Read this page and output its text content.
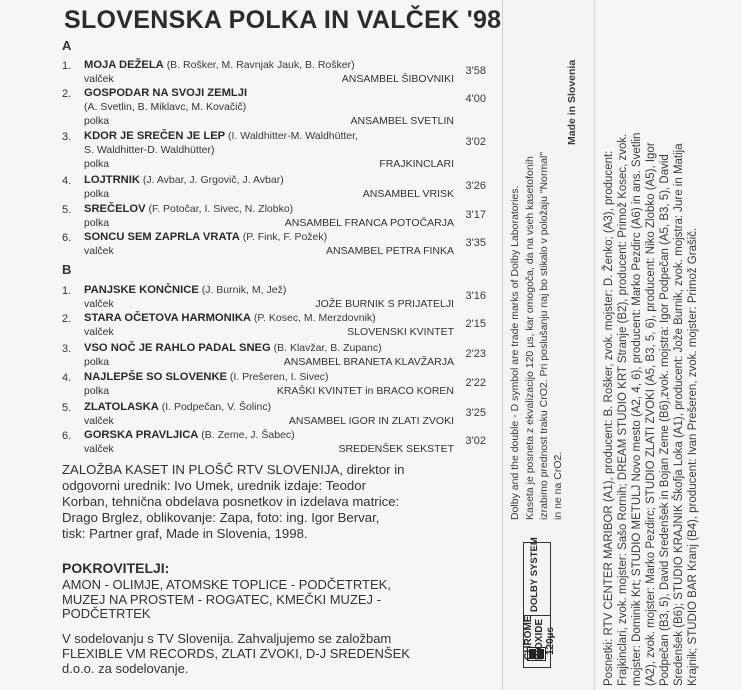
SLOVENSKA POLKA IN VALČEK '98
A
1. MOJA DEŽELA (B. Rošker, M. Ravnjak Jauk, B. Rošker)	3'58
valček	ANSAMBEL ŠIBOVNIKI
2. GOSPODAR NA SVOJI ZEMLJI	4'00
(A. Svetlin, B. Miklavc, M. Kovačič)
polka	ANSAMBEL SVETLIN
3. KDOR JE SREČEN JE LEP (I. Waldhitter-M. Waldhütter,	3'02
S. Waldhitter-D. Waldhütter)
polka	FRAJKINCLARI
4. LOJTRNIK (J. Avbar, J. Grgovič, J. Avbar)	3'26
polka	ANSAMBEL VRISK
5. SREČELOV (F. Potočar, I. Sivec, N. Zlobko)	3'17
polka	ANSAMBEL FRANCA POTOČARJA
6. SONCU SEM ZAPRLA VRATA (P. Fink, F. Požek)	3'35
valček	ANSAMBEL PETRA FINKA
B
1. PANJSKE KONČNICE (J. Burnik, M, Jež)	3'16
valček	JOŽE BURNIK S PRIJATELJI
2. STARA OČETOVA HARMONIKA (P. Kosec, M. Merzdovnik)	2'15
valček	SLOVENSKI KVINTET
3. VSO NOČ JE RAHLO PADAL SNEG (B. Klavžar, B. Zupanc)	2'23
polka	ANSAMBEL BRANETA KLAVŽARJA
4. NAJLEPŠE SO SLOVENKE (I. Prešeren, I. Sivec)	2'22
polka	KRAŠKI KVINTET in BRACO KOREN
5. ZLATOLASKA (I. Podpečan, V. Šolinc)	3'25
valček	ANSAMBEL IGOR IN ZLATI ZVOKI
6. GORSKA PRAVLJICA (B. Zeme, J. Šabec)	3'02
valček	SREDENŠEK SEKSTET
ZALOŽBA KASET IN PLOŠČ RTV SLOVENIJA, direktor in
odgovorni urednik: Ivo Umek, urednik izdaje: Teodor
Korban, tehnična obdelava posnetkov in izdelava matrice:
Drago Brglez, oblikovanje: Zapa, foto: ing. Igor Bervar,
tisk: Partner graf, Made in Slovenia, 1998.
POKROVITELJI:
AMON - OLIMJE, ATOMSKE TOPLICE - PODČETRTEK,
MUZEJ NA PROSTEM - ROGATEC, KMEČKI MUZEJ -
PODČETRTEK
V sodelovanju s TV Slovenija. Zahvaljujemo se založbam
FLEXIBLE VM RECORDS, ZLATI ZVOKI, D-J SREDENŠEK
d.o.o. za sodelovanje.
Dolby and the double - D symbol are trade marks of Dolby Laboratories. Kaseta je posneta z ekvalizacijo 120 µs, kar omogoča, da na vseh kasetofonih izrabimo prednost traku CrO2. Pri poslušanju naj bo stikalo v položaju "Normal" in ne na CrO2.
Made in Slovenia
DOLBY SYSTEM
CHROME DIOXIDE 120µs	Posnetki: RTV CENTER MARIBOR (A1), producent: B. Rošker, zvok. mojster: D. Ženko; (A3), producent: Frajkinclari, zvok. mojster: Sašo Rornih; DREAM STUDIO KRT Stranje (B2), producent: Primož Kosec, zvok. mojster: Dominik Krt; STUDIO METULJ Novo mesto (A2, 4, 6), producent: Marko Pezdirc (A6) in ans. Svetlin (A2), zvok. mojster: Marko Pezdirc; STUDIO ZLATI ZVOKI (A5, B3, 5, 6), producent: Niko Zlobko (A5), Igor Podpečan (B3, 5), David Sredenšek in Bojan Zeme (B6),zvok. mojstra: Igor Podpečan (A5, B3, 5), David Sredenšek (B6); STUDIO KRAJNIK Škofja Loka (A1), producent: Jože Burnik, zvok. mojstra: Jure in Matija Krajnik; STUDIO BAR Kranj (B4), producent: Ivan Prešeren, zvok. mojster: Primož Grašič.
